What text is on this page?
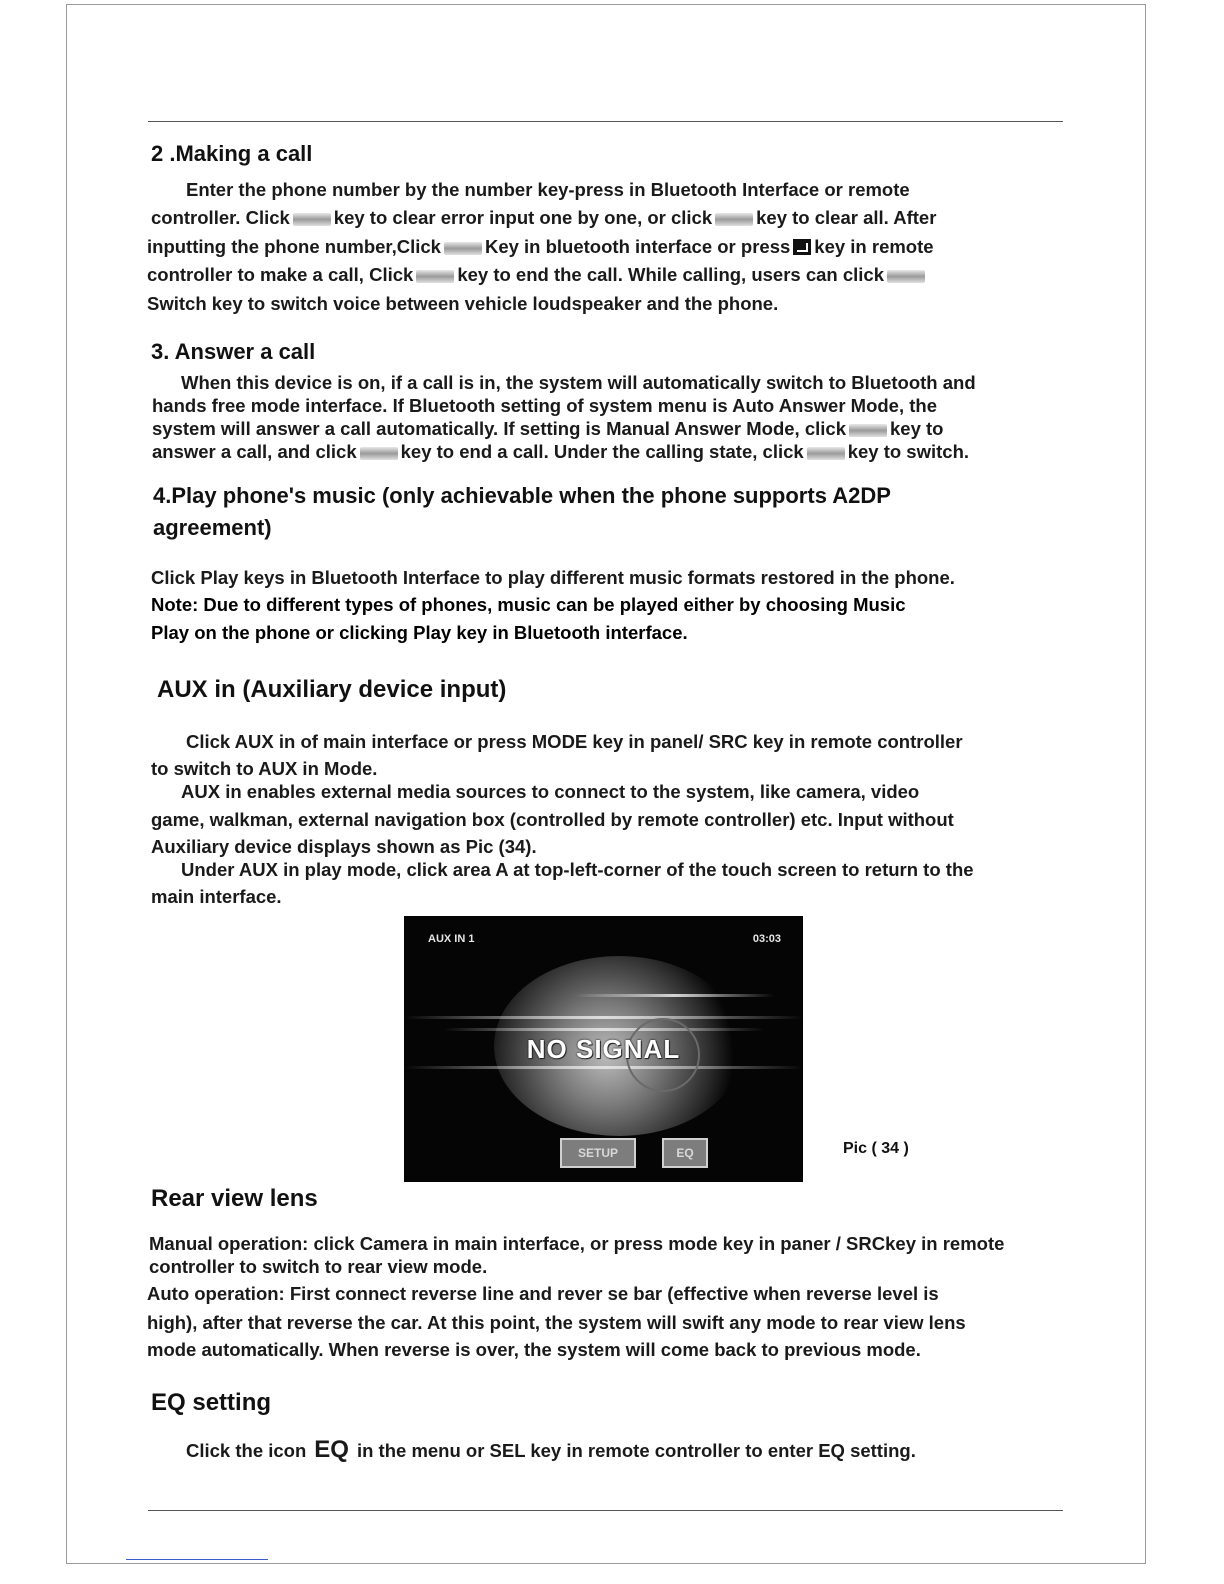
2 .Making a call

Enter the phone number by the number key-press in Bluetooth Interface or remote

controller. Click key to clear error input one by one, or click key to clear all. After

inputting the phone number,Click Key in bluetooth interface or press key in remote

controller to make a call, Click key to end the call. While calling, users can click

Switch key to switch voice between vehicle loudspeaker and the phone.

3. Answer a call

When this device is on, if a call is in, the system will automatically switch to Bluetooth and

hands free mode interface. If Bluetooth setting of system menu is Auto Answer Mode, the

system will answer a call automatically. If setting is Manual Answer Mode, click key to

answer a call, and click key to end a call. Under the calling state, click key to switch.

4.Play phone's music (only achievable when the phone supports A2DP
agreement)

Click Play keys in Bluetooth Interface to play different music formats restored in the phone.

Note: Due to different types of phones, music can be played either by choosing Music

Play on the phone or clicking Play key in Bluetooth interface.

AUX in (Auxiliary device input)

Click AUX in of main interface or press MODE key in panel/ SRC key in remote controller

to switch to AUX in Mode.

AUX in enables external media sources to connect to the system, like camera, video

game, walkman, external navigation box (controlled by remote controller) etc. Input without

Auxiliary device displays shown as Pic (34).

Under AUX in play mode, click area A at top-left-corner of the touch screen to return to the

main interface.

AUX IN 1	03:03
NO SIGNAL
SETUP	EQ	Pic ( 34 )
Rear view lens

Manual operation: click Camera in main interface, or press mode key in paner / SRCkey in remote

controller to switch to rear view mode.

Auto operation: First connect reverse line and rever se bar (effective when reverse level is

high), after that reverse the car. At this point, the system will swift any mode to rear view lens

mode automatically. When reverse is over, the system will come back to previous mode.

EQ setting

Click the icon EQ in the menu or SEL key in remote controller to enter EQ setting.
